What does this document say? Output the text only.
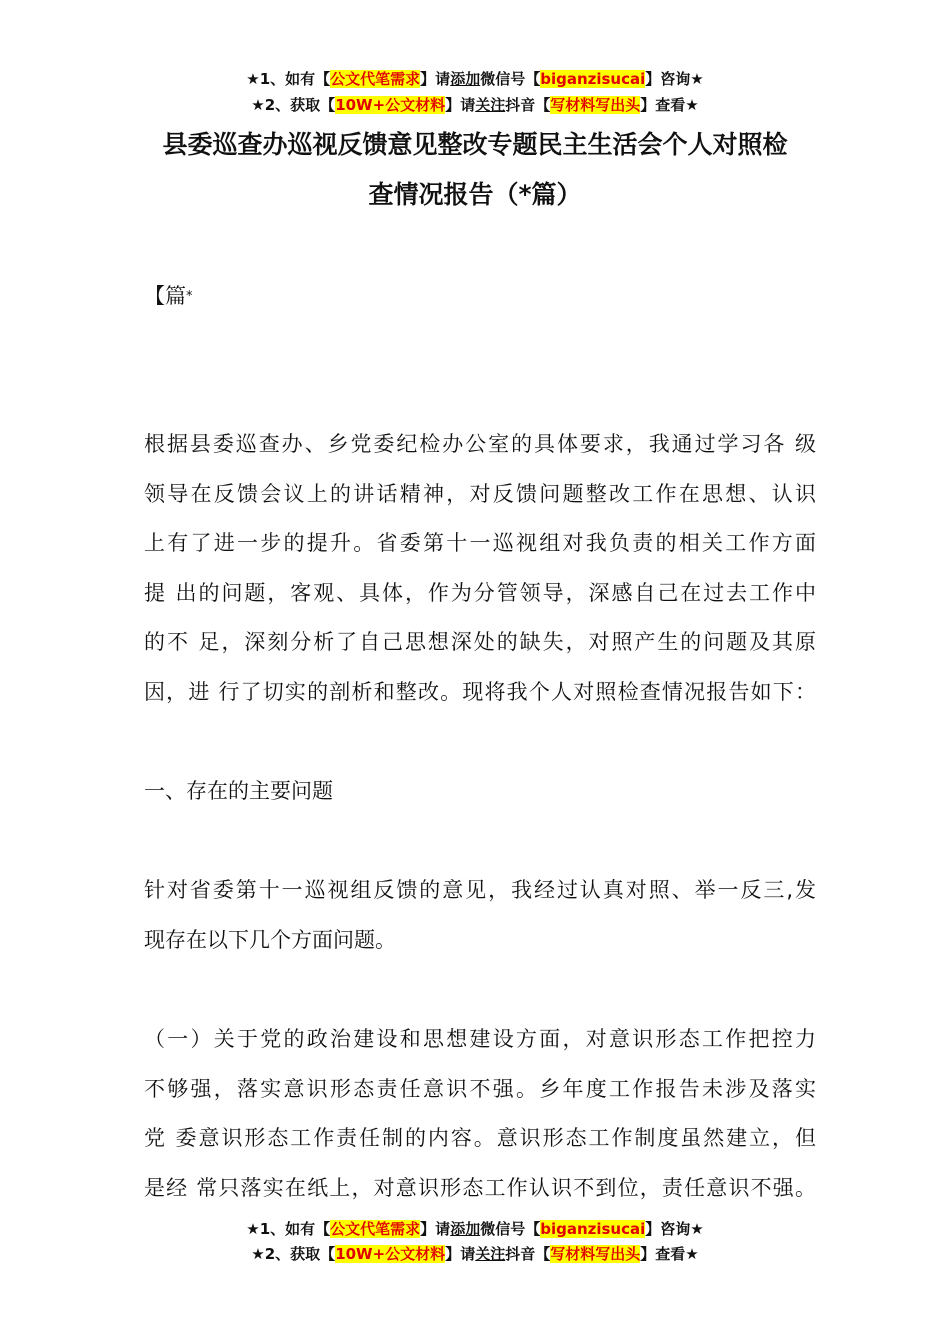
★1、如有【公文代笔需求】请添加微信号【biganzisucai】咨询★
★2、获取【10W+公文材料】请关注抖音【写材料写出头】查看★
县委巡查办巡视反馈意见整改专题民主生活会个人对照检
查情况报告（*篇）
【篇*
根据县委巡查办、乡党委纪检办公室的具体要求，我通过学习各 级
领导在反馈会议上的讲话精神，对反馈问题整改工作在思想、认识
上有了进一步的提升。省委第十一巡视组对我负责的相关工作方面
提 出的问题，客观、具体，作为分管领导，深感自己在过去工作中
的不 足，深刻分析了自己思想深处的缺失，对照产生的问题及其原
因，进 行了切实的剖析和整改。现将我个人对照检查情况报告如下：
一、存在的主要问题
针对省委第十一巡视组反馈的意见，我经过认真对照、举一反三,发
现存在以下几个方面问题。
（一）关于党的政治建设和思想建设方面，对意识形态工作把控力
不够强，落实意识形态责任意识不强。乡年度工作报告未涉及落实
党 委意识形态工作责任制的内容。意识形态工作制度虽然建立，但
是经 常只落实在纸上，对意识形态工作认识不到位，责任意识不强。
★1、如有【公文代笔需求】请添加微信号【biganzisucai】咨询★
★2、获取【10W+公文材料】请关注抖音【写材料写出头】查看★
